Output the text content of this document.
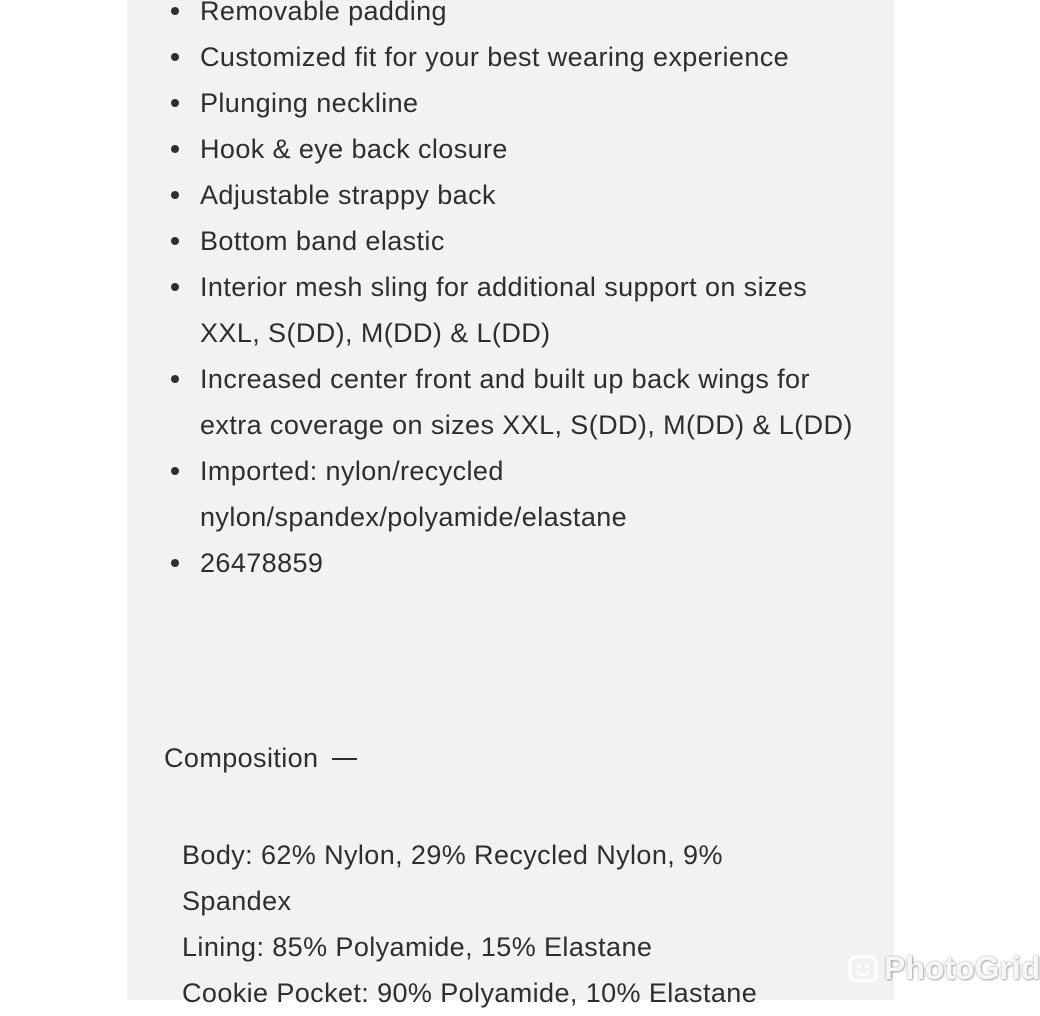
Removable padding
Customized fit for your best wearing experience
Plunging neckline
Hook & eye back closure
Adjustable strappy back
Bottom band elastic
Interior mesh sling for additional support on sizes XXL, S(DD), M(DD) & L(DD)
Increased center front and built up back wings for extra coverage on sizes XXL, S(DD), M(DD) & L(DD)
Imported: nylon/recycled nylon/spandex/polyamide/elastane
26478859
Composition
Body: 62% Nylon, 29% Recycled Nylon, 9%
Spandex
Lining: 85% Polyamide, 15% Elastane
Cookie Pocket: 90% Polyamide, 10% Elastane
PhotoGrid
